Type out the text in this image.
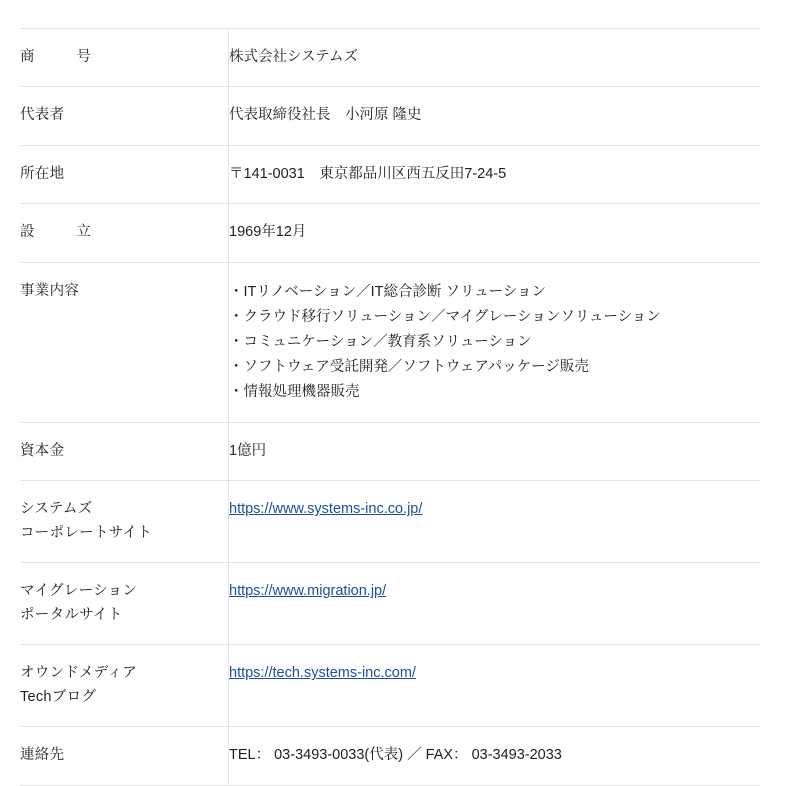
商　号	株式会社システムズ

代表者	代表取締役社長　小河原 隆史

所在地	〒141-0031　東京都品川区西五反田7-24-5

設　立	1969年12月

事業内容	・ITリノベーション／IT総合診断 ソリューション
・クラウド移行ソリューション／マイグレーションソリューション
・コミュニケーション／教育系ソリューション
・ソフトウェア受託開発／ソフトウェアパッケージ販売
・情報処理機器販売

資本金	1億円

システムズ
コーポレートサイト	https://www.systems-inc.co.jp/

マイグレーション
ポータルサイト	https://www.migration.jp/

オウンドメディア
Techブログ	https://tech.systems-inc.com/

連絡先	TEL： 03-3493-0033(代表) ／ FAX： 03-3493-2033
